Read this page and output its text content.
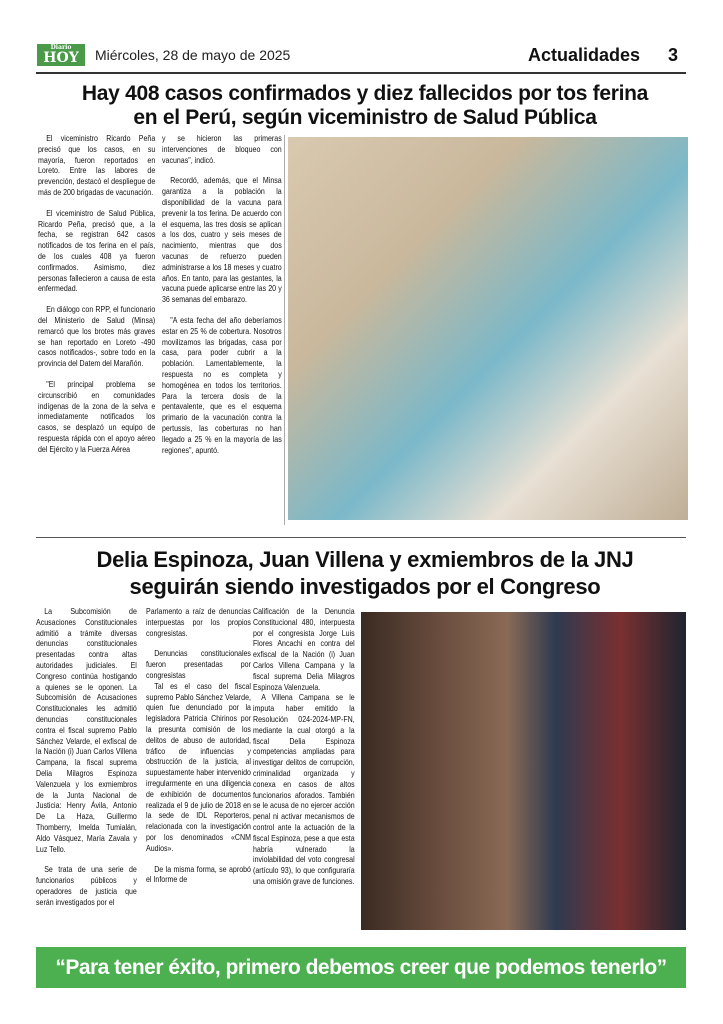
Diario
HOY	Miércoles, 28 de mayo de 2025	Actualidades 3
Hay 408 casos confirmados y diez fallecidos por tos ferina en el Perú, según viceministro de Salud Pública

El viceministro Ricardo Peña precisó que los casos, en su mayoría, fueron reportados en Loreto. Entre las labores de prevención, destacó el despliegue de más de 200 brigadas de vacunación.

El viceministro de Salud Pública, Ricardo Peña, precisó que, a la fecha, se registran 642 casos notificados de tos ferina en el país, de los cuales 408 ya fueron confirmados. Asimismo, diez personas fallecieron a causa de esta enfermedad.

En diálogo con RPP, el funcionario del Ministerio de Salud (Minsa) remarcó que los brotes más graves se han reportado en Loreto -490 casos notificados-, sobre todo en la provincia del Datem del Marañón.

"El principal problema se circunscribió en comunidades indígenas de la zona de la selva e inmediatamente notificados los casos, se desplazó un equipo de respuesta rápida con el apoyo aéreo del Ejército y la Fuerza Aérea

y se hicieron las primeras intervenciones de bloqueo con vacunas", indicó.

Recordó, además, que el Minsa garantiza a la población la disponibilidad de la vacuna para prevenir la tos ferina. De acuerdo con el esquema, las tres dosis se aplican a los dos, cuatro y seis meses de nacimiento, mientras que dos vacunas de refuerzo pueden administrarse a los 18 meses y cuatro años. En tanto, para las gestantes, la vacuna puede aplicarse entre las 20 y 36 semanas del embarazo.

"A esta fecha del año deberíamos estar en 25 % de cobertura. Nosotros movilizamos las brigadas, casa por casa, para poder cubrir a la población. Lamentablemente, la respuesta no es completa y homogénea en todos los territorios. Para la tercera dosis de la pentavalente, que es el esquema primario de la vacunación contra la pertussis, las coberturas no han llegado a 25 % en la mayoría de las regiones", apuntó.

Delia Espinoza, Juan Villena y exmiembros de la JNJ seguirán siendo investigados por el Congreso

La Subcomisión de Acusaciones Constitucionales admitió a trámite diversas denuncias constitucionales presentadas contra altas autoridades judiciales. El Congreso continúa hostigando a quienes se le oponen. La Subcomisión de Acusaciones Constitucionales les admitió denuncias constitucionales contra el fiscal supremo Pablo Sánchez Velarde, el exfiscal de la Nación (i) Juan Carlos Villena Campana, la fiscal suprema Delia Milagros Espinoza Valenzuela y los exmiembros de la Junta Nacional de Justicia: Henry Ávila, Antonio De La Haza, Guillermo Thomberry, Imelda Tumialán, Aldo Vásquez, María Zavala y Luz Tello.

Se trata de una serie de funcionarios públicos y operadores de justicia que serán investigados por el

Parlamento a raíz de denuncias interpuestas por los propios congresistas.

Denuncias constitucionales fueron presentadas por congresistas

Tal es el caso del fiscal supremo Pablo Sánchez Velarde, quien fue denunciado por la legisladora Patricia Chirinos por la presunta comisión de los delitos de abuso de autoridad, tráfico de influencias y obstrucción de la justicia, al supuestamente haber intervenido irregularmente en una diligencia de exhibición de documentos realizada el 9 de julio de 2018 en la sede de IDL Reporteros, relacionada con la investigación por los denominados «CNM Audios».

De la misma forma, se aprobó el Informe de

Calificación de la Denuncia Constitucional 480, interpuesta por el congresista Jorge Luis Flores Ancachi en contra del exfiscal de la Nación (i) Juan Carlos Villena Campana y la fiscal suprema Delia Milagros Espinoza Valenzuela.

A Villena Campana se le imputa haber emitido la Resolución 024-2024-MP-FN, mediante la cual otorgó a la fiscal Delia Espinoza competencias ampliadas para investigar delitos de corrupción, criminalidad organizada y conexa en casos de altos funcionarios aforados. También se le acusa de no ejercer acción penal ni activar mecanismos de control ante la actuación de la fiscal Espinoza, pese a que esta habría vulnerado la inviolabilidad del voto congresal (artículo 93), lo que configuraría una omisión grave de funciones.

“Para tener éxito, primero debemos creer que podemos tenerlo”
